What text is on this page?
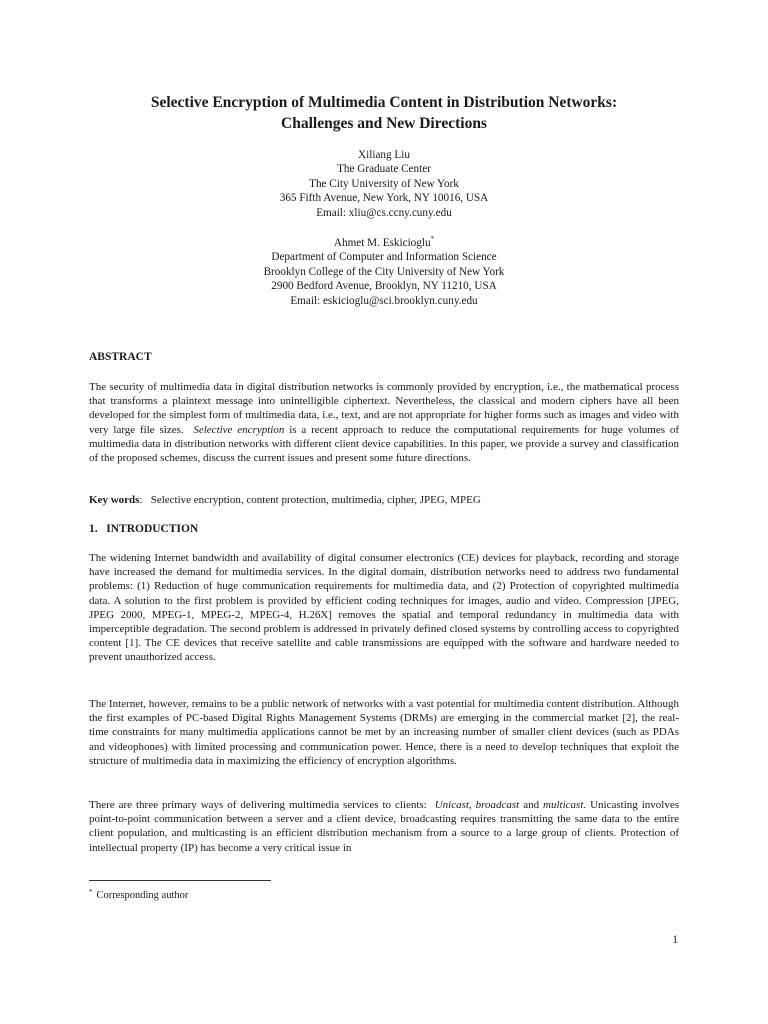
Selective Encryption of Multimedia Content in Distribution Networks:
Challenges and New Directions
Xiliang Liu
The Graduate Center
The City University of New York
365 Fifth Avenue, New York, NY 10016, USA
Email: xliu@cs.ccny.cuny.edu
Ahmet M. Eskicioglu*
Department of Computer and Information Science
Brooklyn College of the City University of New York
2900 Bedford Avenue, Brooklyn, NY 11210, USA
Email: eskicioglu@sci.brooklyn.cuny.edu
ABSTRACT

The security of multimedia data in digital distribution networks is commonly provided by encryption, i.e., the mathematical process that transforms a plaintext message into unintelligible ciphertext. Nevertheless, the classical and modern ciphers have all been developed for the simplest form of multimedia data, i.e., text, and are not appropriate for higher forms such as images and video with very large file sizes. Selective encryption is a recent approach to reduce the computational requirements for huge volumes of multimedia data in distribution networks with different client device capabilities. In this paper, we provide a survey and classification of the proposed schemes, discuss the current issues and present some future directions.

Key words:   Selective encryption, content protection, multimedia, cipher, JPEG, MPEG

1.   INTRODUCTION

The widening Internet bandwidth and availability of digital consumer electronics (CE) devices for playback, recording and storage have increased the demand for multimedia services. In the digital domain, distribution networks need to address two fundamental problems: (1) Reduction of huge communication requirements for multimedia data, and (2) Protection of copyrighted multimedia data. A solution to the first problem is provided by efficient coding techniques for images, audio and video. Compression [JPEG, JPEG 2000, MPEG-1, MPEG-2, MPEG-4, H.26X] removes the spatial and temporal redundancy in multimedia data with imperceptible degradation. The second problem is addressed in privately defined closed systems by controlling access to copyrighted content [1]. The CE devices that receive satellite and cable transmissions are equipped with the software and hardware needed to prevent unauthorized access.

The Internet, however, remains to be a public network of networks with a vast potential for multimedia content distribution. Although the first examples of PC-based Digital Rights Management Systems (DRMs) are emerging in the commercial market [2], the real-time constraints for many multimedia applications cannot be met by an increasing number of smaller client devices (such as PDAs and videophones) with limited processing and communication power. Hence, there is a need to develop techniques that exploit the structure of multimedia data in maximizing the efficiency of encryption algorithms.

There are three primary ways of delivering multimedia services to clients: Unicast, broadcast and multicast. Unicasting involves point-to-point communication between a server and a client device, broadcasting requires transmitting the same data to the entire client population, and multicasting is an efficient distribution mechanism from a source to a large group of clients. Protection of intellectual property (IP) has become a very critical issue in

* Corresponding author
1
